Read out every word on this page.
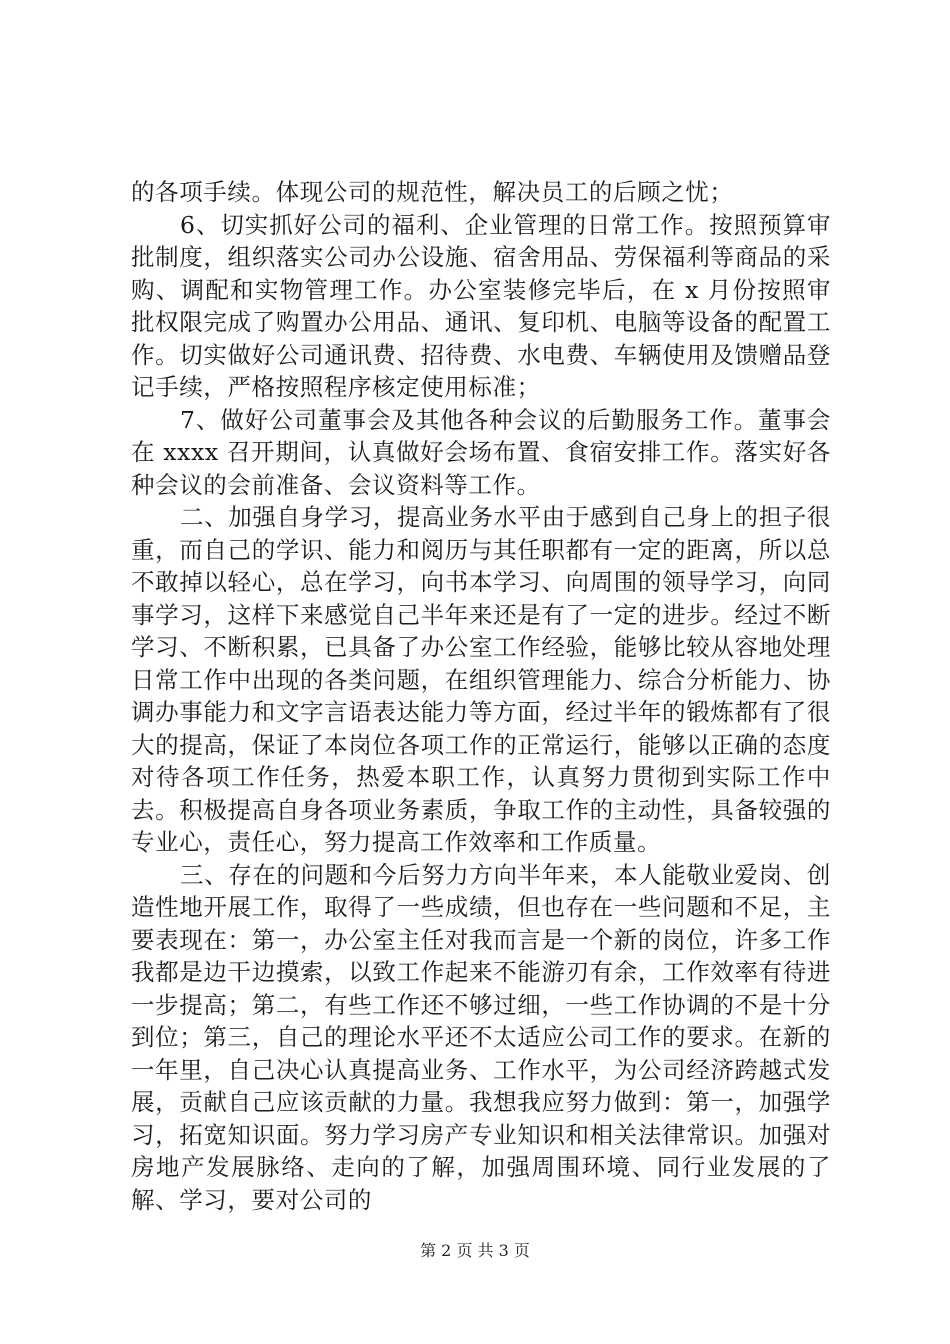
的各项手续。体现公司的规范性，解决员工的后顾之忧；

6、切实抓好公司的福利、企业管理的日常工作。按照预算审批制度，组织落实公司办公设施、宿舍用品、劳保福利等商品的采购、调配和实物管理工作。办公室装修完毕后，在 x 月份按照审批权限完成了购置办公用品、通讯、复印机、电脑等设备的配置工作。切实做好公司通讯费、招待费、水电费、车辆使用及馈赠品登记手续，严格按照程序核定使用标准；

7、做好公司董事会及其他各种会议的后勤服务工作。董事会在 xxxx 召开期间，认真做好会场布置、食宿安排工作。落实好各种会议的会前准备、会议资料等工作。

二、加强自身学习，提高业务水平由于感到自己身上的担子很重，而自己的学识、能力和阅历与其任职都有一定的距离，所以总不敢掉以轻心，总在学习，向书本学习、向周围的领导学习，向同事学习，这样下来感觉自己半年来还是有了一定的进步。经过不断学习、不断积累，已具备了办公室工作经验，能够比较从容地处理日常工作中出现的各类问题，在组织管理能力、综合分析能力、协调办事能力和文字言语表达能力等方面，经过半年的锻炼都有了很大的提高，保证了本岗位各项工作的正常运行，能够以正确的态度对待各项工作任务，热爱本职工作，认真努力贯彻到实际工作中去。积极提高自身各项业务素质，争取工作的主动性，具备较强的专业心，责任心，努力提高工作效率和工作质量。

三、存在的问题和今后努力方向半年来，本人能敬业爱岗、创造性地开展工作，取得了一些成绩，但也存在一些问题和不足，主要表现在：第一，办公室主任对我而言是一个新的岗位，许多工作我都是边干边摸索，以致工作起来不能游刃有余，工作效率有待进一步提高；第二，有些工作还不够过细，一些工作协调的不是十分到位；第三，自己的理论水平还不太适应公司工作的要求。在新的一年里，自己决心认真提高业务、工作水平，为公司经济跨越式发展，贡献自己应该贡献的力量。我想我应努力做到：第一，加强学习，拓宽知识面。努力学习房产专业知识和相关法律常识。加强对房地产发展脉络、走向的了解，加强周围环境、同行业发展的了解、学习，要对公司的

第 2 页 共 3 页
